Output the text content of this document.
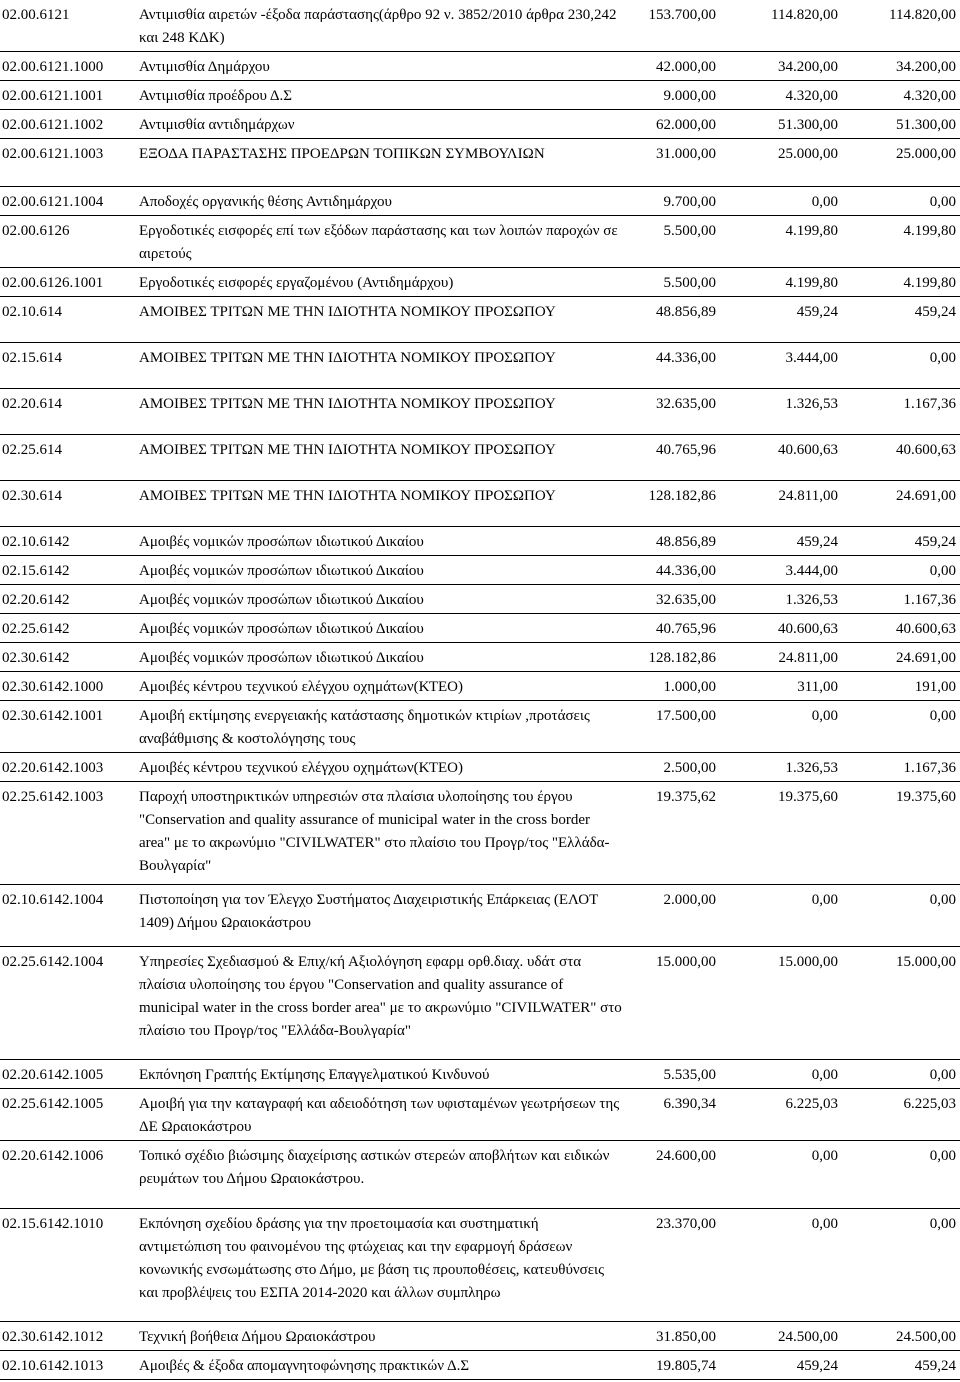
02.00.6121	Αντιμισθία αιρετών -έξοδα παράστασης(άρθρο 92 ν. 3852/2010 άρθρα 230,242 και 248 ΚΔΚ)	153.700,00	114.820,00	114.820,00
02.00.6121.1000	Αντιμισθία Δημάρχου	42.000,00	34.200,00	34.200,00
02.00.6121.1001	Αντιμισθία προέδρου Δ.Σ	9.000,00	4.320,00	4.320,00
02.00.6121.1002	Αντιμισθία αντιδημάρχων	62.000,00	51.300,00	51.300,00
02.00.6121.1003	ΕΞΟΔΑ ΠΑΡΑΣΤΑΣΗΣ ΠΡΟΕΔΡΩΝ ΤΟΠΙΚΩΝ ΣΥΜΒΟΥΛΙΩΝ	31.000,00	25.000,00	25.000,00
02.00.6121.1004	Αποδοχές οργανικής θέσης Αντιδημάρχου	9.700,00	0,00	0,00
02.00.6126	Εργοδοτικές εισφορές επί των εξόδων παράστασης και των λοιπών παροχών σε αιρετούς	5.500,00	4.199,80	4.199,80
02.00.6126.1001	Εργοδοτικές εισφορές εργαζομένου (Αντιδημάρχου)	5.500,00	4.199,80	4.199,80
02.10.614	ΑΜΟΙΒΕΣ ΤΡΙΤΩΝ ΜΕ ΤΗΝ ΙΔΙΟΤΗΤΑ ΝΟΜΙΚΟΥ ΠΡΟΣΩΠΟΥ	48.856,89	459,24	459,24
02.15.614	ΑΜΟΙΒΕΣ ΤΡΙΤΩΝ ΜΕ ΤΗΝ ΙΔΙΟΤΗΤΑ ΝΟΜΙΚΟΥ ΠΡΟΣΩΠΟΥ	44.336,00	3.444,00	0,00
02.20.614	ΑΜΟΙΒΕΣ ΤΡΙΤΩΝ ΜΕ ΤΗΝ ΙΔΙΟΤΗΤΑ ΝΟΜΙΚΟΥ ΠΡΟΣΩΠΟΥ	32.635,00	1.326,53	1.167,36
02.25.614	ΑΜΟΙΒΕΣ ΤΡΙΤΩΝ ΜΕ ΤΗΝ ΙΔΙΟΤΗΤΑ ΝΟΜΙΚΟΥ ΠΡΟΣΩΠΟΥ	40.765,96	40.600,63	40.600,63
02.30.614	ΑΜΟΙΒΕΣ ΤΡΙΤΩΝ ΜΕ ΤΗΝ ΙΔΙΟΤΗΤΑ ΝΟΜΙΚΟΥ ΠΡΟΣΩΠΟΥ	128.182,86	24.811,00	24.691,00
02.10.6142	Αμοιβές νομικών προσώπων ιδιωτικού Δικαίου	48.856,89	459,24	459,24
02.15.6142	Αμοιβές νομικών προσώπων ιδιωτικού Δικαίου	44.336,00	3.444,00	0,00
02.20.6142	Αμοιβές νομικών προσώπων ιδιωτικού Δικαίου	32.635,00	1.326,53	1.167,36
02.25.6142	Αμοιβές νομικών προσώπων ιδιωτικού Δικαίου	40.765,96	40.600,63	40.600,63
02.30.6142	Αμοιβές νομικών προσώπων ιδιωτικού Δικαίου	128.182,86	24.811,00	24.691,00
02.30.6142.1000	Αμοιβές κέντρου τεχνικού ελέγχου οχημάτων(ΚΤΕΟ)	1.000,00	311,00	191,00
02.30.6142.1001	Αμοιβή εκτίμησης ενεργειακής κατάστασης δημοτικών κτιρίων ,προτάσεις αναβάθμισης & κοστολόγησης τους	17.500,00	0,00	0,00
02.20.6142.1003	Αμοιβές κέντρου τεχνικού ελέγχου οχημάτων(ΚΤΕΟ)	2.500,00	1.326,53	1.167,36
02.25.6142.1003	Παροχή υποστηρικτικών υπηρεσιών στα πλαίσια υλοποίησης του έργου "Conservation and quality assurance of municipal water in the cross border area" με το ακρωνύμιο "CIVILWATER" στο πλαίσιο του Προγρ/τος "Ελλάδα-Βουλγαρία"	19.375,62	19.375,60	19.375,60
02.10.6142.1004	Πιστοποίηση για τον Έλεγχο Συστήματος Διαχειριστικής Επάρκειας (ΕΛΟΤ 1409) Δήμου Ωραιοκάστρου	2.000,00	0,00	0,00
02.25.6142.1004	Υπηρεσίες Σχεδιασμού & Επιχ/κή Αξιολόγηση εφαρμ ορθ.διαχ. υδάτ στα πλαίσια υλοποίησης του έργου "Conservation and quality assurance of municipal water in the cross border area" με το ακρωνύμιο "CIVILWATER" στο πλαίσιο του Προγρ/τος "Ελλάδα-Βουλγαρία"	15.000,00	15.000,00	15.000,00
02.20.6142.1005	Εκπόνηση Γραπτής Εκτίμησης Επαγγελματικού Κινδυνού	5.535,00	0,00	0,00
02.25.6142.1005	Αμοιβή για την καταγραφή και αδειοδότηση των υφισταμένων γεωτρήσεων της ΔΕ Ωραιοκάστρου	6.390,34	6.225,03	6.225,03
02.20.6142.1006	Τοπικό σχέδιο βιώσιμης διαχείρισης αστικών στερεών αποβλήτων και ειδικών ρευμάτων του Δήμου Ωραιοκάστρου.	24.600,00	0,00	0,00
02.15.6142.1010	Εκπόνηση σχεδίου δράσης για την προετοιμασία και συστηματική αντιμετώπιση του φαινομένου της φτώχειας και την εφαρμογή δράσεων κονωνικής ενσωμάτωσης στο Δήμο, με βάση τις προυποθέσεις, κατευθύνσεις και προβλέψεις του ΕΣΠΑ 2014-2020 και άλλων συμπληρω	23.370,00	0,00	0,00
02.30.6142.1012	Τεχνική βοήθεια Δήμου Ωραιοκάστρου	31.850,00	24.500,00	24.500,00
02.10.6142.1013	Αμοιβές & έξοδα απομαγνητοφώνησης πρακτικών Δ.Σ	19.805,74	459,24	459,24
